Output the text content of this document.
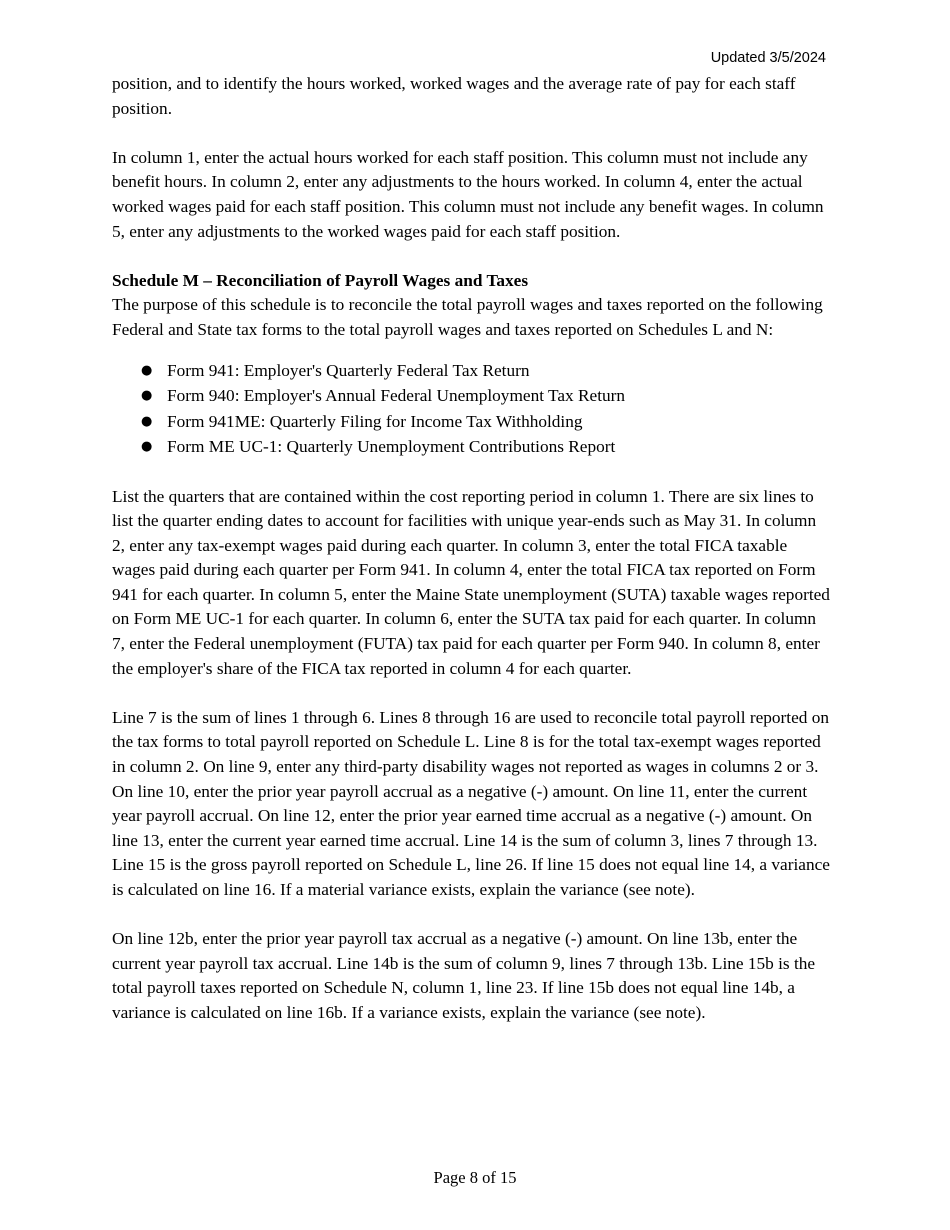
Updated 3/5/2024

position, and to identify the hours worked, worked wages and the average rate of pay for each staff position.

In column 1, enter the actual hours worked for each staff position. This column must not include any benefit hours. In column 2, enter any adjustments to the hours worked. In column 4, enter the actual worked wages paid for each staff position. This column must not include any benefit wages. In column 5, enter any adjustments to the worked wages paid for each staff position.

Schedule M – Reconciliation of Payroll Wages and Taxes

The purpose of this schedule is to reconcile the total payroll wages and taxes reported on the following Federal and State tax forms to the total payroll wages and taxes reported on Schedules L and N:

● Form 941: Employer's Quarterly Federal Tax Return
● Form 940: Employer's Annual Federal Unemployment Tax Return
● Form 941ME: Quarterly Filing for Income Tax Withholding
● Form ME UC-1: Quarterly Unemployment Contributions Report

List the quarters that are contained within the cost reporting period in column 1. There are six lines to list the quarter ending dates to account for facilities with unique year-ends such as May 31. In column 2, enter any tax-exempt wages paid during each quarter. In column 3, enter the total FICA taxable wages paid during each quarter per Form 941. In column 4, enter the total FICA tax reported on Form 941 for each quarter. In column 5, enter the Maine State unemployment (SUTA) taxable wages reported on Form ME UC-1 for each quarter. In column 6, enter the SUTA tax paid for each quarter. In column 7, enter the Federal unemployment (FUTA) tax paid for each quarter per Form 940. In column 8, enter the employer's share of the FICA tax reported in column 4 for each quarter.

Line 7 is the sum of lines 1 through 6. Lines 8 through 16 are used to reconcile total payroll reported on the tax forms to total payroll reported on Schedule L. Line 8 is for the total tax-exempt wages reported in column 2. On line 9, enter any third-party disability wages not reported as wages in columns 2 or 3. On line 10, enter the prior year payroll accrual as a negative (-) amount. On line 11, enter the current year payroll accrual. On line 12, enter the prior year earned time accrual as a negative (-) amount. On line 13, enter the current year earned time accrual. Line 14 is the sum of column 3, lines 7 through 13. Line 15 is the gross payroll reported on Schedule L, line 26. If line 15 does not equal line 14, a variance is calculated on line 16. If a material variance exists, explain the variance (see note).

On line 12b, enter the prior year payroll tax accrual as a negative (-) amount. On line 13b, enter the current year payroll tax accrual. Line 14b is the sum of column 9, lines 7 through 13b. Line 15b is the total payroll taxes reported on Schedule N, column 1, line 23. If line 15b does not equal line 14b, a variance is calculated on line 16b. If a variance exists, explain the variance (see note).

Page 8 of 15
